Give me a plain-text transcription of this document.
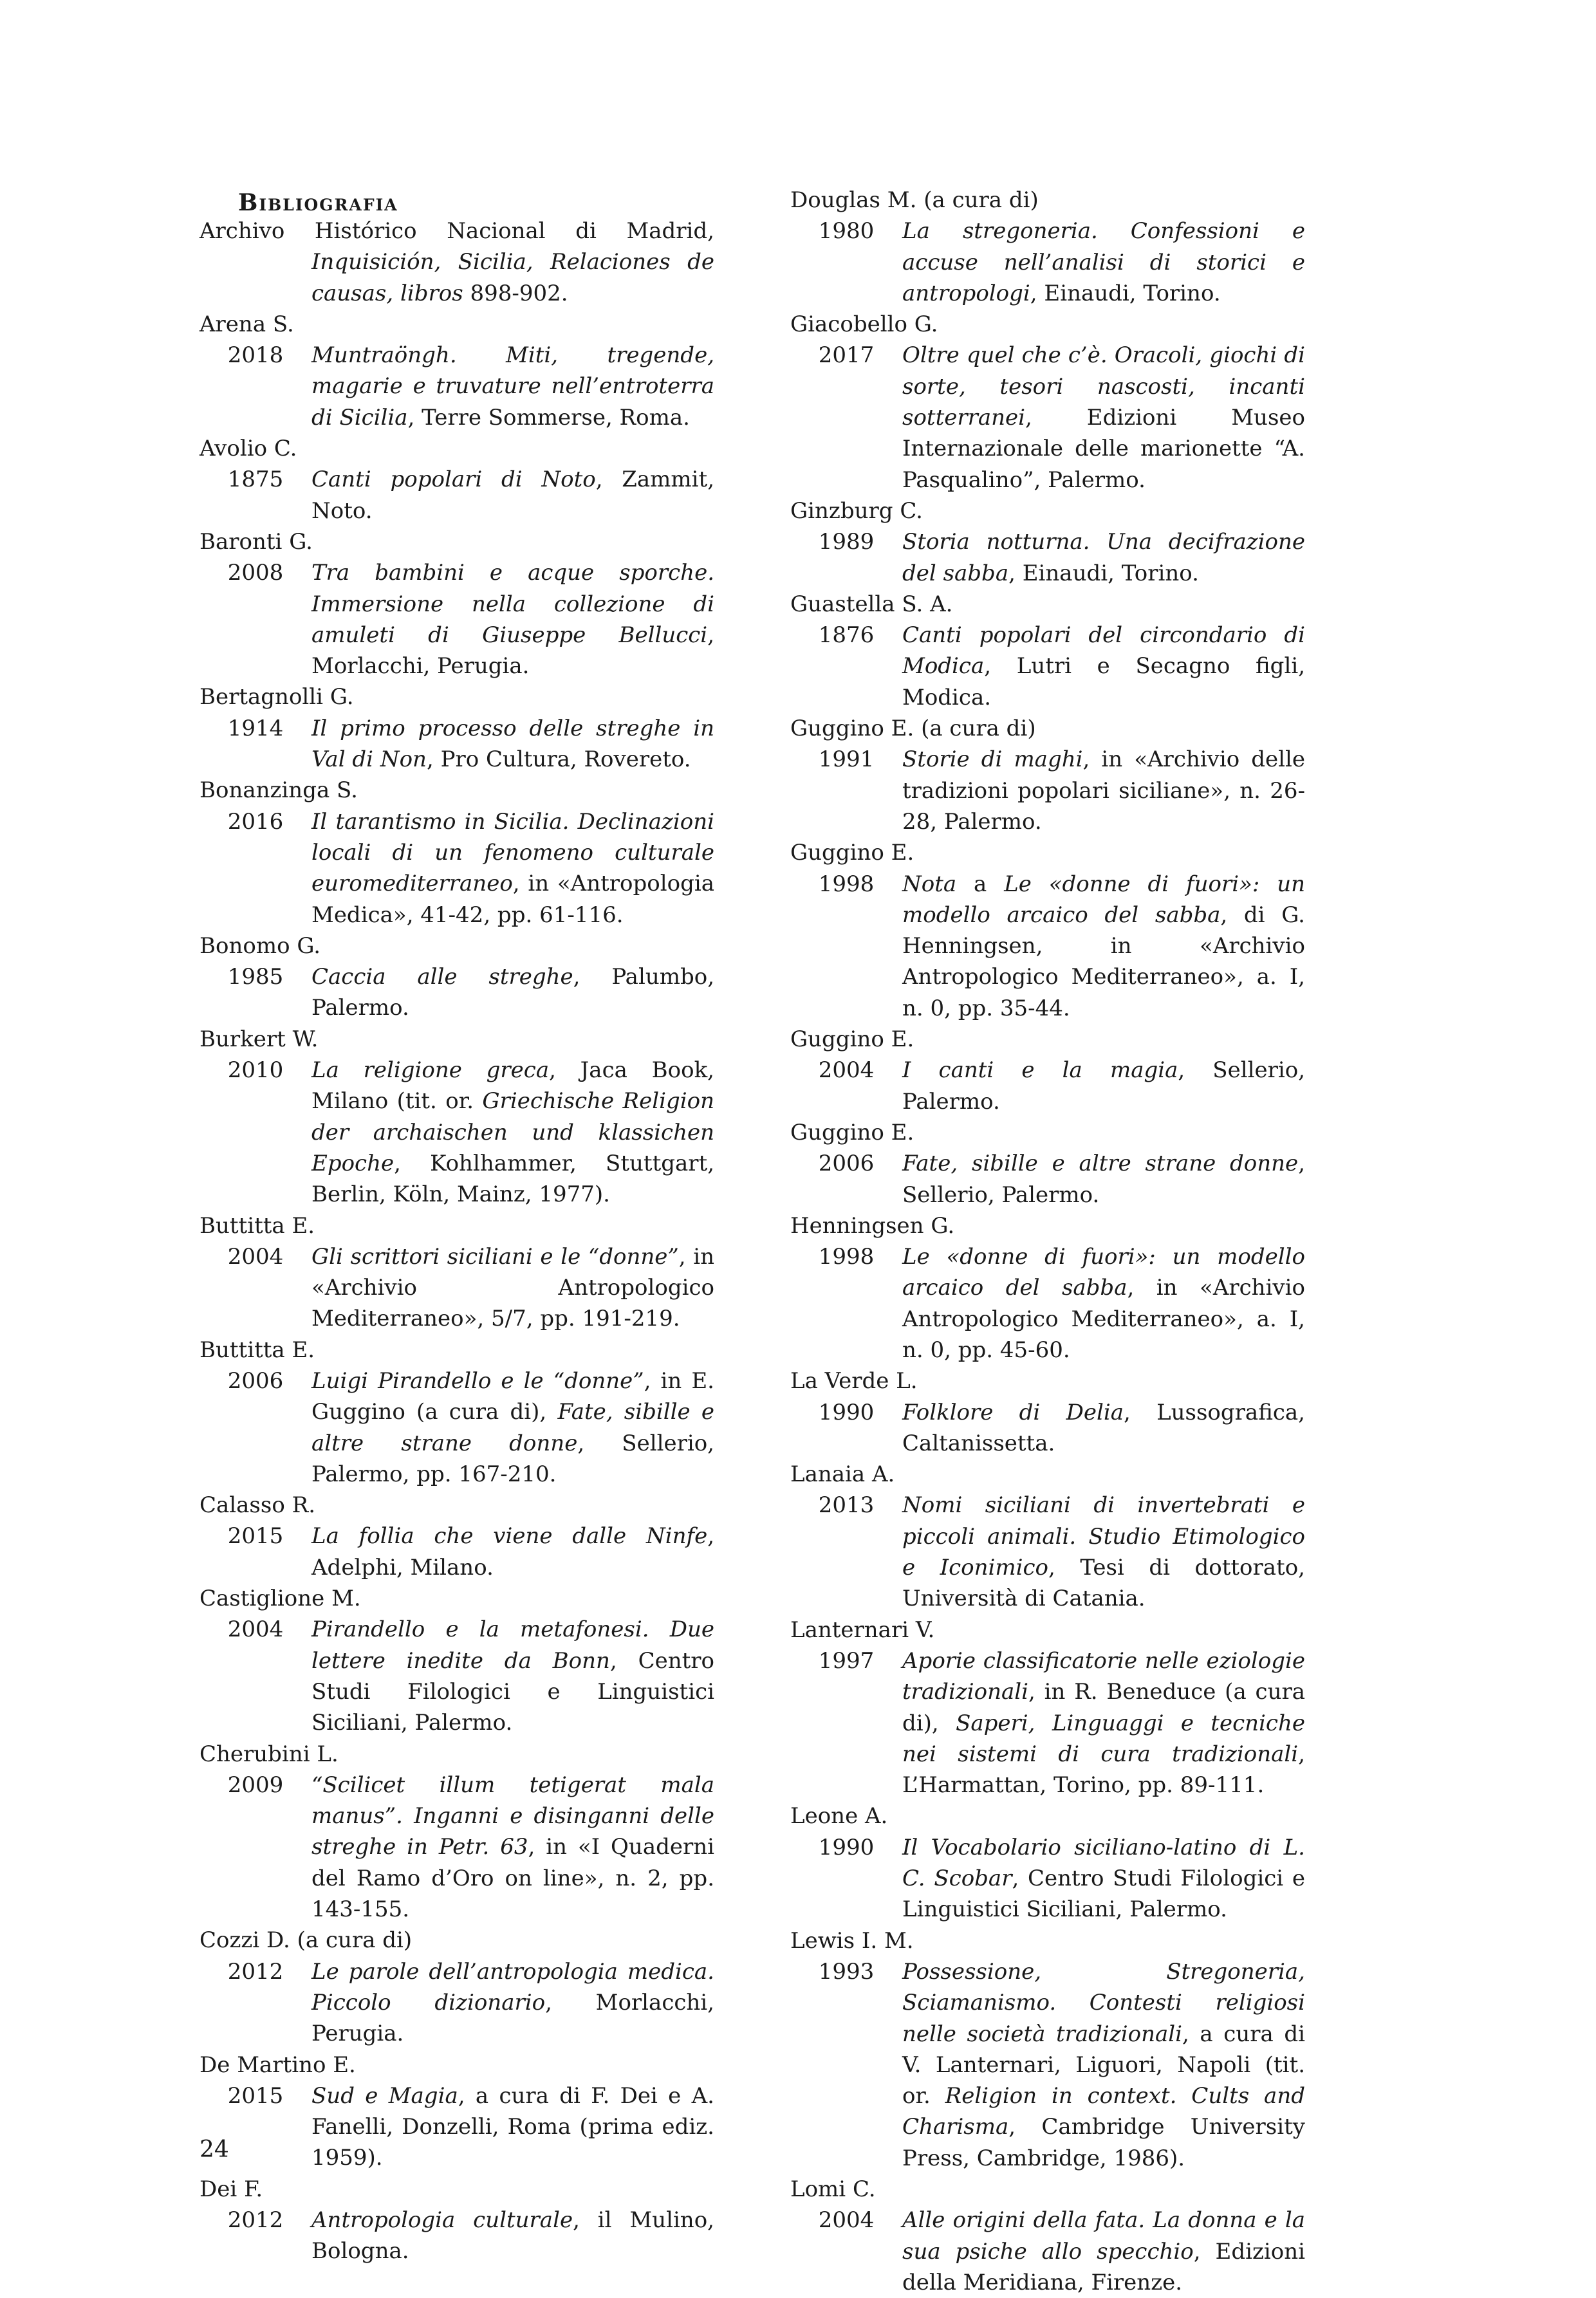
Bibliografia
Archivo Histórico Nacional di Madrid, Inquisición, Sicilia, Relaciones de causas, libros 898-902.
Arena S.
2018	Muntraöngh. Miti, tregende, magarie e truvature nell’entroterra di Sicilia, Terre Sommerse, Roma.
Avolio C.
1875	Canti popolari di Noto, Zammit, Noto.
Baronti G.
2008	Tra bambini e acque sporche. Immersione nella collezione di amuleti di Giuseppe Bellucci, Morlacchi, Perugia.
Bertagnolli G.
1914	Il primo processo delle streghe in Val di Non, Pro Cultura, Rovereto.
Bonanzinga S.
2016	Il tarantismo in Sicilia. Declinazioni locali di un fenomeno culturale euromediterraneo, in «Antropologia Medica», 41-42, pp. 61-116.
Bonomo G.
1985	Caccia alle streghe, Palumbo, Palermo.
Burkert W.
2010	La religione greca, Jaca Book, Milano (tit. or. Griechische Religion der archaischen und klassichen Epoche, Kohlhammer, Stuttgart, Berlin, Köln, Mainz, 1977).
Buttitta E.
2004	Gli scrittori siciliani e le “donne”, in «Archivio Antropologico Mediterraneo», 5/7, pp. 191-219.
Buttitta E.
2006	Luigi Pirandello e le “donne”, in E. Guggino (a cura di), Fate, sibille e altre strane donne, Sellerio, Palermo, pp. 167-210.
Calasso R.
2015	La follia che viene dalle Ninfe, Adelphi, Milano.
Castiglione M.
2004	Pirandello e la metafonesi. Due lettere inedite da Bonn, Centro Studi Filologici e Linguistici Siciliani, Palermo.
Cherubini L.
2009	“Scilicet illum tetigerat mala manus”. Inganni e disinganni delle streghe in Petr. 63, in «I Quaderni del Ramo d’Oro on line», n. 2, pp. 143-155.
Cozzi D. (a cura di)
2012	Le parole dell’antropologia medica. Piccolo dizionario, Morlacchi, Perugia.
De Martino E.
2015	Sud e Magia, a cura di F. Dei e A. Fanelli, Donzelli, Roma (prima ediz. 1959).
Dei F.
2012	Antropologia culturale, il Mulino, Bologna.
Douglas M. (a cura di)
1980	La stregoneria. Confessioni e accuse nell’analisi di storici e antropologi, Einaudi, Torino.
Giacobello G.
2017	Oltre quel che c’è. Oracoli, giochi di sorte, tesori nascosti, incanti sotterranei, Edizioni Museo Internazionale delle marionette “A. Pasqualino”, Palermo.
Ginzburg C.
1989	Storia notturna. Una decifrazione del sabba, Einaudi, Torino.
Guastella S. A.
1876	Canti popolari del circondario di Modica, Lutri e Secagno figli, Modica.
Guggino E. (a cura di)
1991	Storie di maghi, in «Archivio delle tradizioni popolari siciliane», n. 26-28, Palermo.
Guggino E.
1998	Nota a Le «donne di fuori»: un modello arcaico del sabba, di G. Henningsen, in «Archivio Antropologico Mediterraneo», a. I, n. 0, pp. 35-44.
Guggino E.
2004	I canti e la magia, Sellerio, Palermo.
Guggino E.
2006	Fate, sibille e altre strane donne, Sellerio, Palermo.
Henningsen G.
1998	Le «donne di fuori»: un modello arcaico del sabba, in «Archivio Antropologico Mediterraneo», a. I, n. 0, pp. 45-60.
La Verde L.
1990	Folklore di Delia, Lussografica, Caltanissetta.
Lanaia A.
2013	Nomi siciliani di invertebrati e piccoli animali. Studio Etimologico e Iconimico, Tesi di dottorato, Università di Catania.
Lanternari V.
1997	Aporie classificatorie nelle eziologie tradizionali, in R. Beneduce (a cura di), Saperi, Linguaggi e tecniche nei sistemi di cura tradizionali, L’Harmattan, Torino, pp. 89-111.
Leone A.
1990	Il Vocabolario siciliano-latino di L. C. Scobar, Centro Studi Filologici e Linguistici Siciliani, Palermo.
Lewis I. M.
1993	Possessione, Stregoneria, Sciamanismo. Contesti religiosi nelle società tradizionali, a cura di V. Lanternari, Liguori, Napoli (tit. or. Religion in context. Cults and Charisma, Cambridge University Press, Cambridge, 1986).
Lomi C.
2004	Alle origini della fata. La donna e la sua psiche allo specchio, Edizioni della Meridiana, Firenze.
24
